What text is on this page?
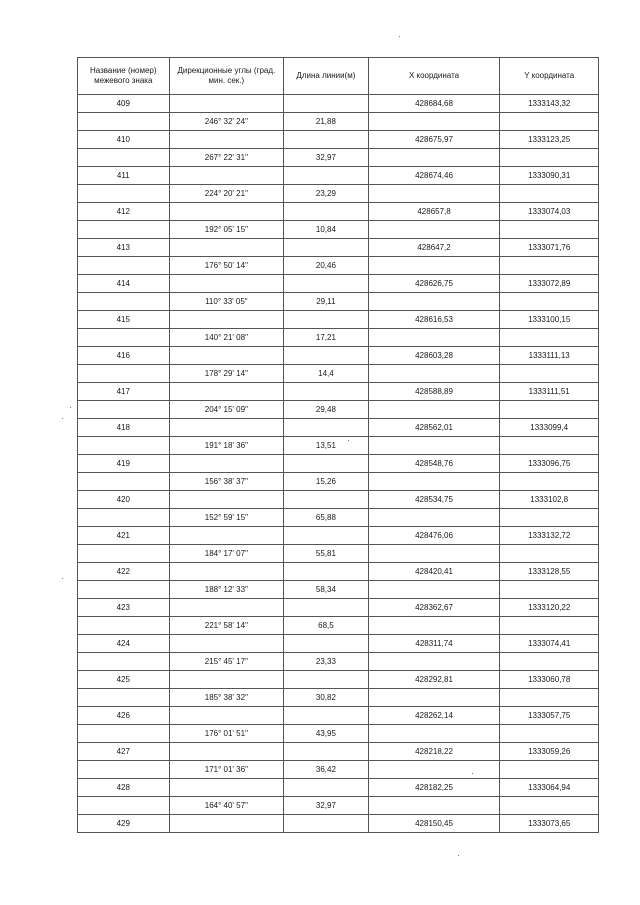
Название (номер) межевого знака	Дирекционные углы (град. мин. сек.)	Длина линии(м)	X координата	Y координата
409			428684,68	1333143,32
	246° 32' 24"	21,88		
410			428675,97	1333123,25
	267° 22' 31"	32,97		
411			428674,46	1333090,31
	224° 20' 21"	23,29		
412			428657,8	1333074,03
	192° 05' 15"	10,84		
413			428647,2	1333071,76
	176° 50' 14"	20,46		
414			428626,75	1333072,89
	110° 33' 05"	29,11		
415			428616,53	1333100,15
	140° 21' 08"	17,21		
416			428603,28	1333111,13
	178° 29' 14"	14,4		
417			428588,89	1333111,51
	204° 15' 09"	29,48		
418			428562,01	1333099,4
	191° 18' 36"	13,51		
419			428548,76	1333096,75
	156° 38' 37"	15,26		
420			428534,75	1333102,8
	152° 59' 15"	65,88		
421			428476,06	1333132,72
	184° 17' 07"	55,81		
422			428420,41	1333128,55
	188° 12' 33"	58,34		
423			428362,67	1333120,22
	221° 58' 14"	68,5		
424			428311,74	1333074,41
	215° 45' 17"	23,33		
425			428292,81	1333060,78
	185° 38' 32"	30,82		
426			428262,14	1333057,75
	176° 01' 51"	43,95		
427			428218,22	1333059,26
	171° 01' 36"	36,42		
428			428182,25	1333064,94
	164° 40' 57"	32,97		
429			428150,45	1333073,65
